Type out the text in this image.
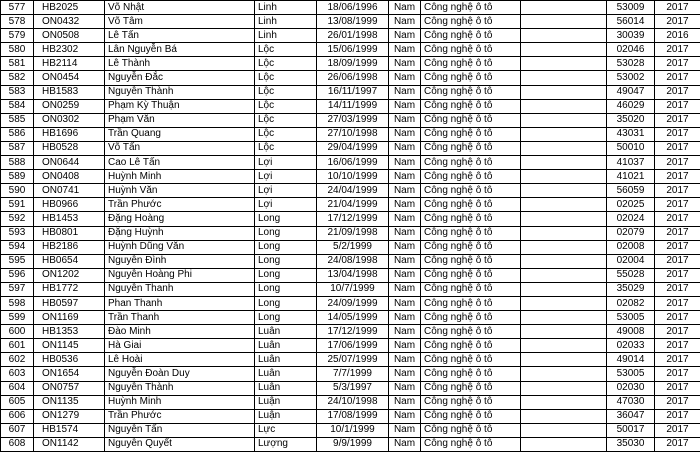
577	HB2025	Võ Nhật	Linh	18/06/1996	Nam	Công nghệ ô tô		53009	2017
578	ON0432	Võ Tâm	Linh	13/08/1999	Nam	Công nghệ ô tô		56014	2017
579	ON0508	Lê Tấn	Linh	26/01/1998	Nam	Công nghệ ô tô		30039	2016
580	HB2302	Lân Nguyễn Bá	Lộc	15/06/1999	Nam	Công nghệ ô tô		02046	2017
581	HB2114	Lê Thành	Lộc	18/09/1999	Nam	Công nghệ ô tô		53028	2017
582	ON0454	Nguyễn Đắc	Lộc	26/06/1998	Nam	Công nghệ ô tô		53002	2017
583	HB1583	Nguyễn Thành	Lộc	16/11/1997	Nam	Công nghệ ô tô		49047	2017
584	ON0259	Phạm Kỳ Thuận	Lộc	14/11/1999	Nam	Công nghệ ô tô		46029	2017
585	ON0302	Phạm Văn	Lộc	27/03/1999	Nam	Công nghệ ô tô		35020	2017
586	HB1696	Trần Quang	Lộc	27/10/1998	Nam	Công nghệ ô tô		43031	2017
587	HB0528	Võ Tấn	Lộc	29/04/1999	Nam	Công nghệ ô tô		50010	2017
588	ON0644	Cao Lê Tấn	Lợi	16/06/1999	Nam	Công nghệ ô tô		41037	2017
589	ON0408	Huỳnh Minh	Lợi	10/10/1999	Nam	Công nghệ ô tô		41021	2017
590	ON0741	Huỳnh Văn	Lợi	24/04/1999	Nam	Công nghệ ô tô		56059	2017
591	HB0966	Trần Phước	Lợi	21/04/1999	Nam	Công nghệ ô tô		02025	2017
592	HB1453	Đặng Hoàng	Long	17/12/1999	Nam	Công nghệ ô tô		02024	2017
593	HB0801	Đặng Huỳnh	Long	21/09/1998	Nam	Công nghệ ô tô		02079	2017
594	HB2186	Huỳnh Dũng Văn	Long	5/2/1999	Nam	Công nghệ ô tô		02008	2017
595	HB0654	Nguyễn Đình	Long	24/08/1998	Nam	Công nghệ ô tô		02004	2017
596	ON1202	Nguyễn Hoàng Phi	Long	13/04/1998	Nam	Công nghệ ô tô		55028	2017
597	HB1772	Nguyễn Thanh	Long	10/7/1999	Nam	Công nghệ ô tô		35029	2017
598	HB0597	Phan Thanh	Long	24/09/1999	Nam	Công nghệ ô tô		02082	2017
599	ON1169	Trần Thanh	Long	14/05/1999	Nam	Công nghệ ô tô		53005	2017
600	HB1353	Đào Minh	Luân	17/12/1999	Nam	Công nghệ ô tô		49008	2017
601	ON1145	Hà Giai	Luân	17/06/1999	Nam	Công nghệ ô tô		02033	2017
602	HB0536	Lê Hoài	Luân	25/07/1999	Nam	Công nghệ ô tô		49014	2017
603	ON1654	Nguyễn Đoàn Duy	Luân	7/7/1999	Nam	Công nghệ ô tô		53005	2017
604	ON0757	Nguyễn Thành	Luân	5/3/1997	Nam	Công nghệ ô tô		02030	2017
605	ON1135	Huỳnh Minh	Luận	24/10/1998	Nam	Công nghệ ô tô		47030	2017
606	ON1279	Trần Phước	Luận	17/08/1999	Nam	Công nghệ ô tô		36047	2017
607	HB1574	Nguyễn Tấn	Lực	10/1/1999	Nam	Công nghệ ô tô		50017	2017
608	ON1142	Nguyễn Quyết	Lượng	9/9/1999	Nam	Công nghệ ô tô		35030	2017
